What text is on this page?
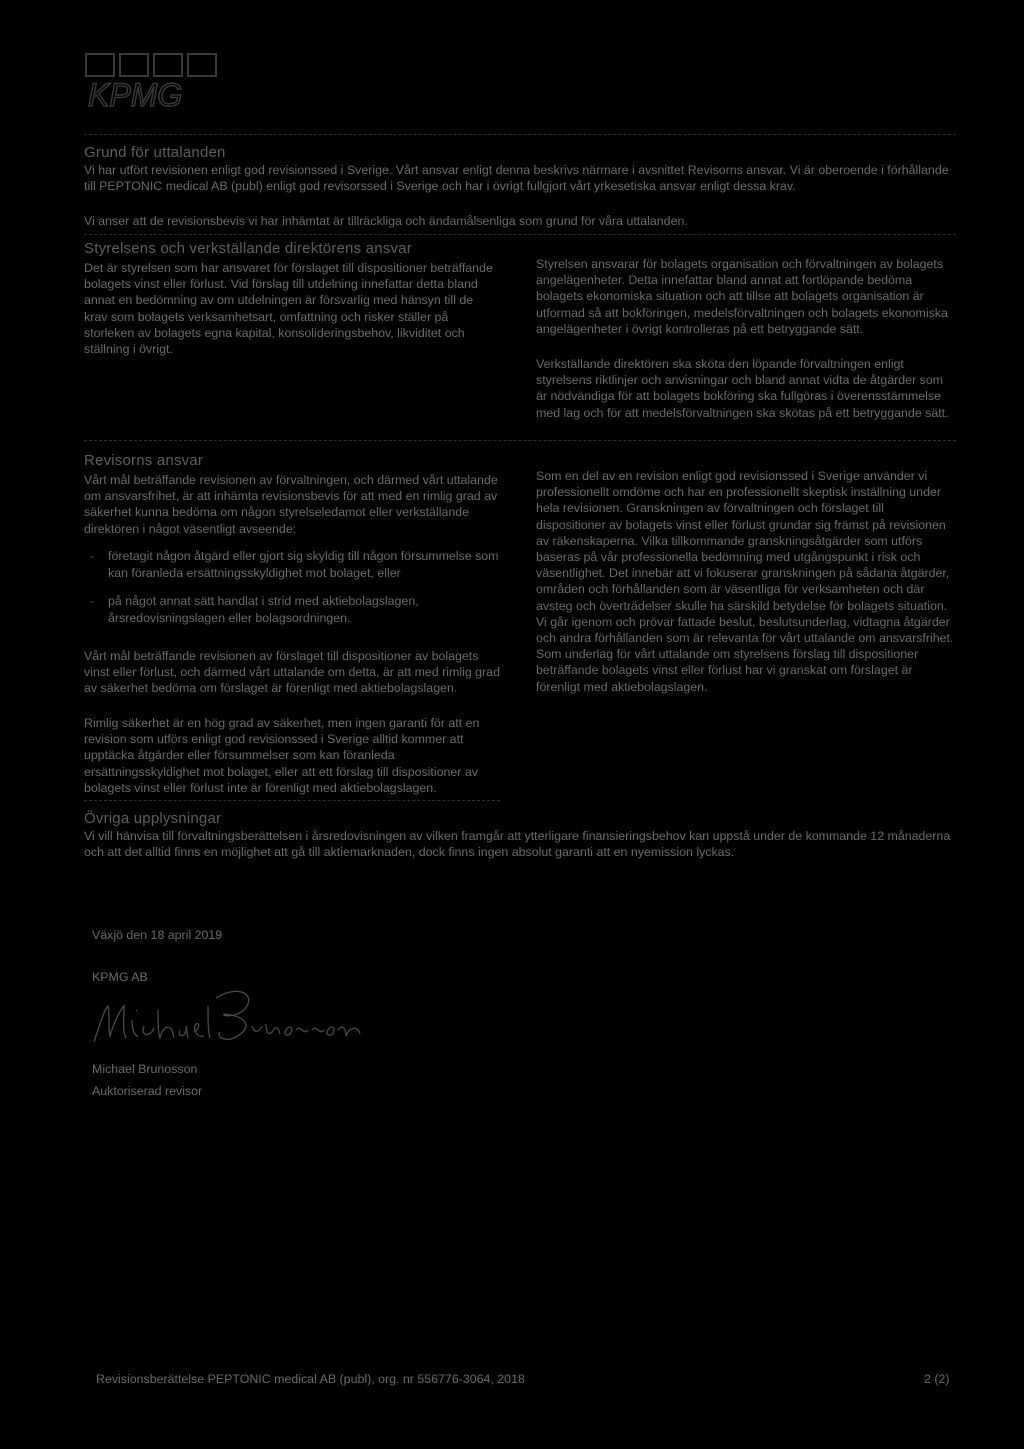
KPMG
Grund för uttalanden

Vi har utfört revisionen enligt god revisionssed i Sverige. Vårt ansvar enligt denna beskrivs närmare i avsnittet Revisorns ansvar. Vi är oberoende i förhållande till PEPTONIC medical AB (publ) enligt god revisorssed i Sverige och har i övrigt fullgjort vårt yrkesetiska ansvar enligt dessa krav.

Vi anser att de revisionsbevis vi har inhämtat är tillräckliga och ändamålsenliga som grund för våra uttalanden.

Styrelsens och verkställande direktörens ansvar

Det är styrelsen som har ansvaret för förslaget till dispositioner beträffande bolagets vinst eller förlust. Vid förslag till utdelning innefattar detta bland annat en bedömning av om utdelningen är försvarlig med hänsyn till de krav som bolagets verksamhetsart, omfattning och risker ställer på storleken av bolagets egna kapital, konsolideringsbehov, likviditet och ställning i övrigt.

Styrelsen ansvarar för bolagets organisation och förvaltningen av bolagets angelägenheter. Detta innefattar bland annat att fortlöpande bedöma bolagets ekonomiska situation och att tillse att bolagets organisation är utformad så att bokföringen, medelsförvaltningen och bolagets ekonomiska angelägenheter i övrigt kontrolleras på ett betryggande sätt.

Verkställande direktören ska sköta den löpande förvaltningen enligt styrelsens riktlinjer och anvisningar och bland annat vidta de åtgärder som är nödvändiga för att bolagets bokföring ska fullgöras i överensstämmelse med lag och för att medelsförvaltningen ska skötas på ett betryggande sätt.

Revisorns ansvar

Vårt mål beträffande revisionen av förvaltningen, och därmed vårt uttalande om ansvarsfrihet, är att inhämta revisionsbevis för att med en rimlig grad av säkerhet kunna bedöma om någon styrelseledamot eller verkställande direktören i något väsentligt avseende:

- företagit någon åtgärd eller gjort sig skyldig till någon försummelse som kan föranleda ersättningsskyldighet mot bolaget, eller
- på något annat sätt handlat i strid med aktiebolagslagen, årsredovisningslagen eller bolagsordningen.

Vårt mål beträffande revisionen av förslaget till dispositioner av bolagets vinst eller förlust, och därmed vårt uttalande om detta, är att med rimlig grad av säkerhet bedöma om förslaget är förenligt med aktiebolagslagen.

Rimlig säkerhet är en hög grad av säkerhet, men ingen garanti för att en revision som utförs enligt god revisionssed i Sverige alltid kommer att upptäcka åtgärder eller försummelser som kan föranleda ersättningsskyldighet mot bolaget, eller att ett förslag till dispositioner av bolagets vinst eller förlust inte är förenligt med aktiebolagslagen.

Som en del av en revision enligt god revisionssed i Sverige använder vi professionellt omdöme och har en professionellt skeptisk inställning under hela revisionen. Granskningen av förvaltningen och förslaget till dispositioner av bolagets vinst eller förlust grundar sig främst på revisionen av räkenskaperna. Vilka tillkommande granskningsåtgärder som utförs baseras på vår professionella bedömning med utgångspunkt i risk och väsentlighet. Det innebär att vi fokuserar granskningen på sådana åtgärder, områden och förhållanden som är väsentliga för verksamheten och där avsteg och överträdelser skulle ha särskild betydelse för bolagets situation. Vi går igenom och prövar fattade beslut, beslutsunderlag, vidtagna åtgärder och andra förhållanden som är relevanta för vårt uttalande om ansvarsfrihet. Som underlag för vårt uttalande om styrelsens förslag till dispositioner beträffande bolagets vinst eller förlust har vi granskat om förslaget är förenligt med aktiebolagslagen.

Övriga upplysningar

Vi vill hänvisa till förvaltningsberättelsen i årsredovisningen av vilken framgår att ytterligare finansieringsbehov kan uppstå under de kommande 12 månaderna och att det alltid finns en möjlighet att gå till aktiemarknaden, dock finns ingen absolut garanti att en nyemission lyckas.

Växjö den 18 april 2019
KPMG AB
Michael Brunosson
Auktoriserad revisor
Revisionsberättelse PEPTONIC medical AB (publ), org. nr 556776-3064, 2018	2 (2)
